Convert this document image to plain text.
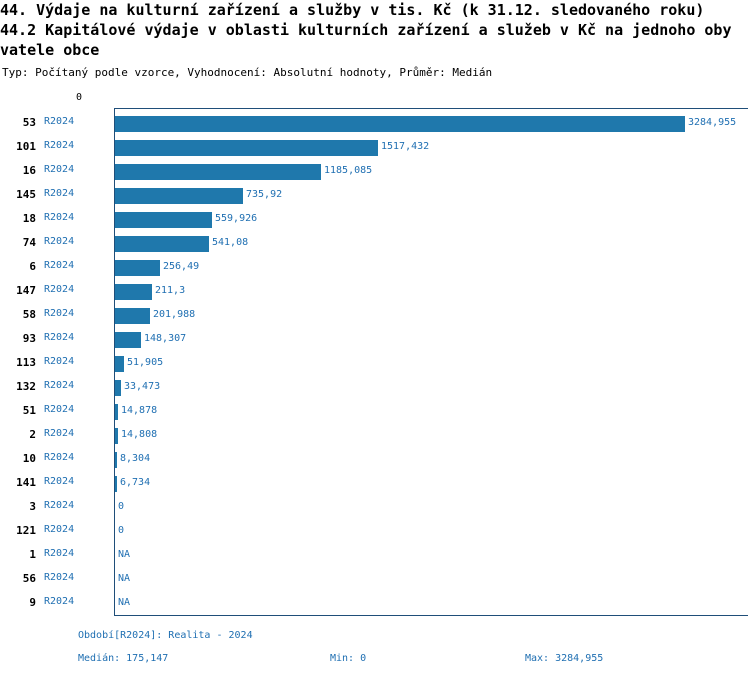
44. Výdaje na kulturní zařízení a služby v tis. Kč (k 31.12. sledovaného roku)
44.2 Kapitálové výdaje v oblasti kulturních zařízení a služeb v Kč na jednoho oby
vatele obce
Typ: Počítaný podle vzorce, Vyhodnocení: Absolutní hodnoty, Průměr: Medián
0
53 R2024	3284,955
101 R2024	1517,432
16 R2024	1185,085
145 R2024	735,92
18 R2024	559,926
74 R2024	541,08
6 R2024	256,49
147 R2024	211,3
58 R2024	201,988
93 R2024	148,307
113 R2024	51,905
132 R2024	33,473
51 R2024	14,878
2 R2024	14,808
10 R2024	8,304
141 R2024	6,734
3 R2024	0
121 R2024	0
1 R2024	NA
56 R2024	NA
9 R2024	NA
Období[R2024]: Realita - 2024
Medián: 175,147	Min: 0	Max: 3284,955
